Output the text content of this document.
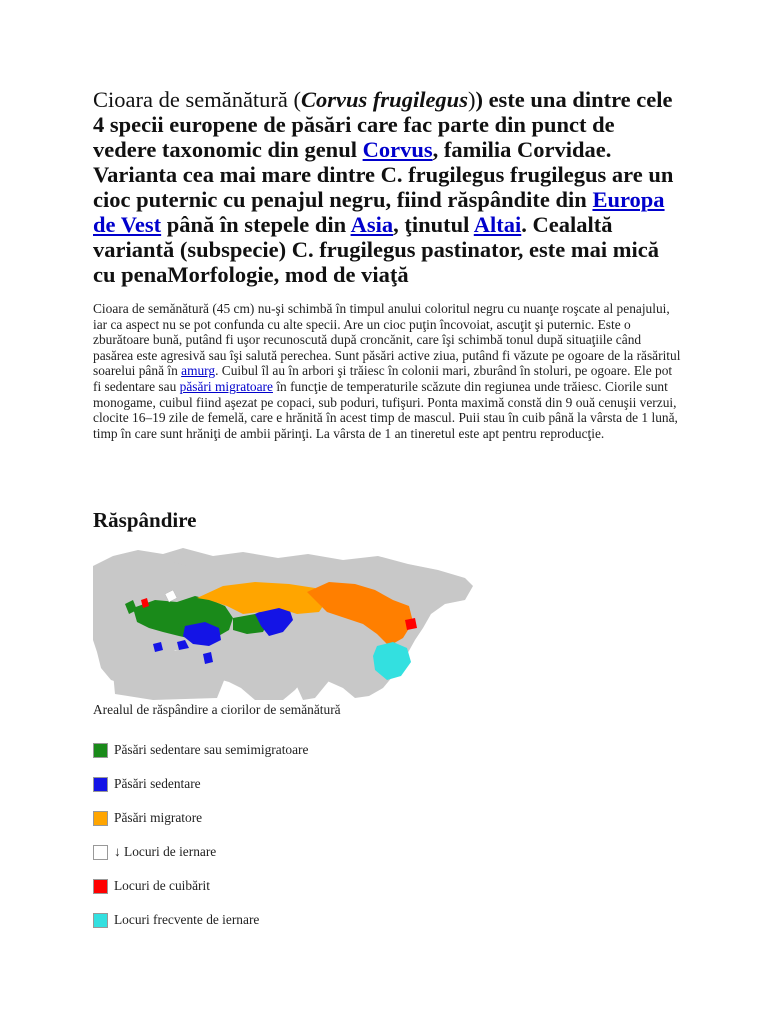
Cioara de semănătură (Corvus frugilegus)) este una dintre cele 4 specii europene de păsări care fac parte din punct de vedere taxonomic din genul Corvus, familia Corvidae. Varianta cea mai mare dintre C. frugilegus frugilegus are un cioc puternic cu penajul negru, fiind răspândite din Europa de Vest până în stepele din Asia, ţinutul Altai. Cealaltă variantă (subspecie) C. frugilegus pastinator, este mai mică cu penaMorfologie, mod de viaţă

Cioara de semănătură (45 cm) nu-şi schimbă în timpul anului coloritul negru cu nuanţe roşcate al penajului, iar ca aspect nu se pot confunda cu alte specii. Are un cioc puţin încovoiat, ascuţit şi puternic. Este o zburătoare bună, putând fi uşor recunoscută după croncănit, care îşi schimbă tonul după situaţiile când pasărea este agresivă sau îşi salută perechea. Sunt păsări active ziua, putând fi văzute pe ogoare de la răsăritul soarelui până în amurg. Cuibul îl au în arbori şi trăiesc în colonii mari, zburând în stoluri, pe ogoare. Ele pot fi sedentare sau păsări migratoare în funcţie de temperaturile scăzute din regiunea unde trăiesc. Ciorile sunt monogame, cuibul fiind aşezat pe copaci, sub poduri, tufişuri. Ponta maximă constă din 9 ouă cenuşii verzui, clocite 16–19 zile de femelă, care e hrănită în acest timp de mascul. Puii stau în cuib până la vârsta de 1 lună, timp în care sunt hrăniţi de ambii părinţi. La vârsta de 1 an tineretul este apt pentru reproducţie.

Răspândire

Arealul de răspândire a ciorilor de semănătură

Păsări sedentare sau semimigratoare
Păsări sedentare
Păsări migratore
↓ Locuri de iernare
Locuri de cuibărit
Locuri frecvente de iernare
